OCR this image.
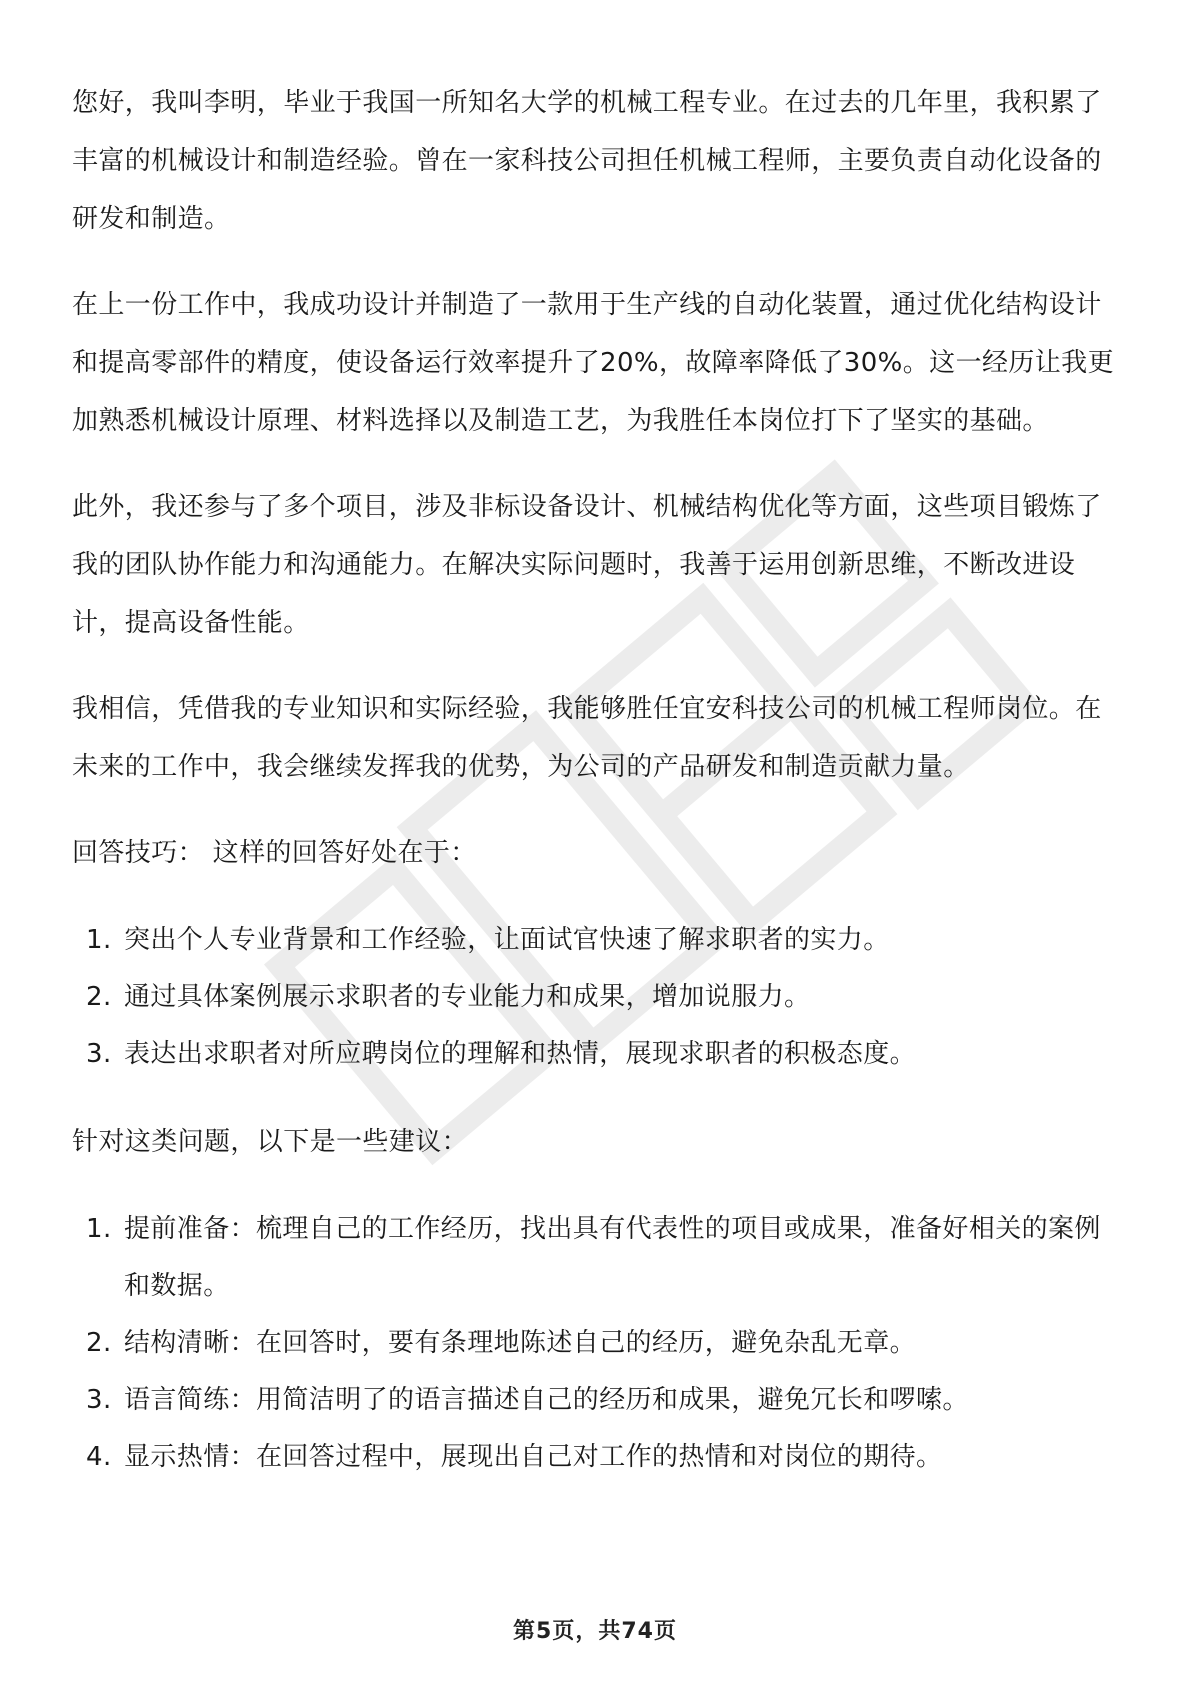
您好，我叫李明，毕业于我国一所知名大学的机械工程专业。在过去的几年里，我积累了丰富的机械设计和制造经验。曾在一家科技公司担任机械工程师，主要负责自动化设备的研发和制造。

在上一份工作中，我成功设计并制造了一款用于生产线的自动化装置，通过优化结构设计和提高零部件的精度，使设备运行效率提升了20%，故障率降低了30%。这一经历让我更加熟悉机械设计原理、材料选择以及制造工艺，为我胜任本岗位打下了坚实的基础。

此外，我还参与了多个项目，涉及非标设备设计、机械结构优化等方面，这些项目锻炼了我的团队协作能力和沟通能力。在解决实际问题时，我善于运用创新思维，不断改进设计，提高设备性能。

我相信，凭借我的专业知识和实际经验，我能够胜任宜安科技公司的机械工程师岗位。在未来的工作中，我会继续发挥我的优势，为公司的产品研发和制造贡献力量。

回答技巧： 这样的回答好处在于：

1. 突出个人专业背景和工作经验，让面试官快速了解求职者的实力。
2. 通过具体案例展示求职者的专业能力和成果，增加说服力。
3. 表达出求职者对所应聘岗位的理解和热情，展现求职者的积极态度。

针对这类问题，以下是一些建议：

1. 提前准备：梳理自己的工作经历，找出具有代表性的项目或成果，准备好相关的案例和数据。
2. 结构清晰：在回答时，要有条理地陈述自己的经历，避免杂乱无章。
3. 语言简练：用简洁明了的语言描述自己的经历和成果，避免冗长和啰嗦。
4. 显示热情：在回答过程中，展现出自己对工作的热情和对岗位的期待。
第5页，共74页
